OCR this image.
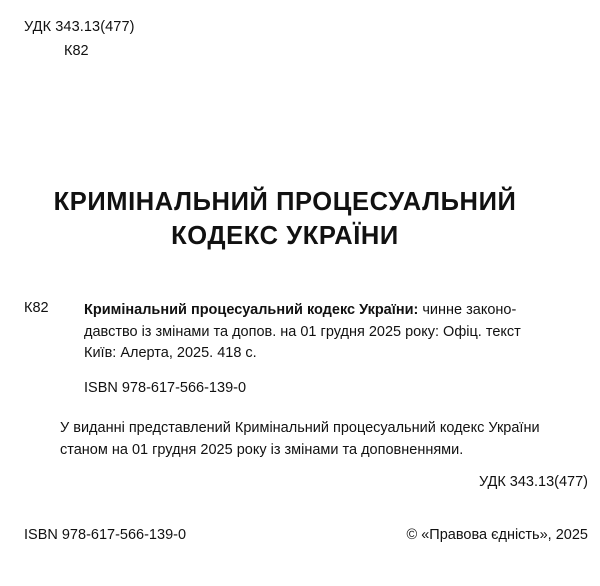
УДК 343.13(477)
К82
КРИМІНАЛЬНИЙ ПРОЦЕСУАЛЬНИЙ
КОДЕКС УКРАЇНИ
К82 Кримінальний процесуальний кодекс України: чинне законо-
давство із змінами та допов. на 01 грудня 2025 року: Офіц. текст
Київ: Алерта, 2025. 418 с.
ISBN 978-617-566-139-0
У виданні представлений Кримінальний процесуальний кодекс України
станом на 01 грудня 2025 року із змінами та доповненнями.
УДК 343.13(477)
ISBN 978-617-566-139-0	© «Правова єдність», 2025
